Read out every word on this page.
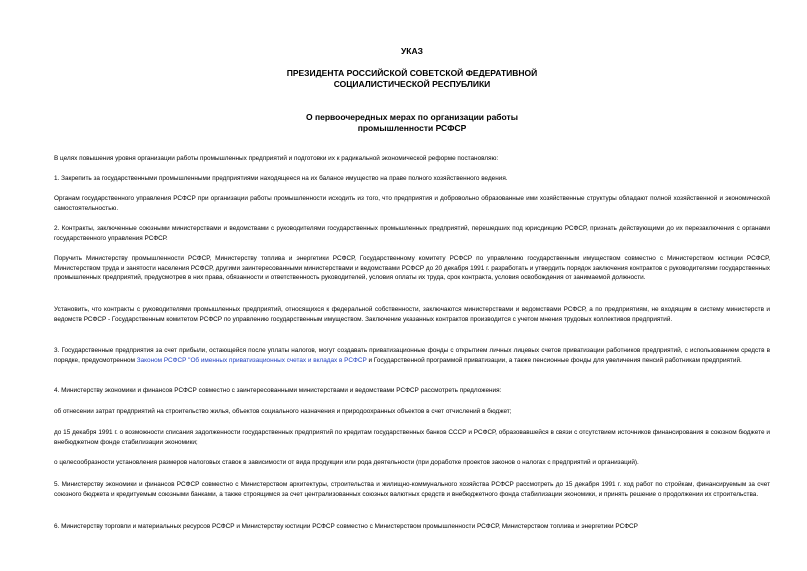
УКАЗ
ПРЕЗИДЕНТА РОССИЙСКОЙ СОВЕТСКОЙ ФЕДЕРАТИВНОЙ
СОЦИАЛИСТИЧЕСКОЙ РЕСПУБЛИКИ
О первоочередных мерах по организации работы
промышленности РСФСР
В целях повышения уровня организации работы промышленных предприятий и подготовки их к радикальной экономической реформе постановляю:
1. Закрепить за государственными промышленными предприятиями находящееся на их балансе имущество на праве полного хозяйственного ведения.
Органам государственного управления РСФСР при организации работы промышленности исходить из того, что предприятия и добровольно образованные ими хозяйственные структуры обладают полной хозяйственной и экономической самостоятельностью.
2. Контракты, заключенные союзными министерствами и ведомствами с руководителями государственных промышленных предприятий, перешедших под юрисдикцию РСФСР, признать действующими до их перезаключения с органами государственного управления РСФСР.
Поручить Министерству промышленности РСФСР, Министерству топлива и энергетики РСФСР, Государственному комитету РСФСР по управлению государственным имуществом совместно с Министерством юстиции РСФСР, Министерством труда и занятости населения РСФСР, другими заинтересованными министерствами и ведомствами РСФСР до 20 декабря 1991 г. разработать и утвердить порядок заключения контрактов с руководителями государственных промышленных предприятий, предусмотрев в них права, обязанности и ответственность руководителей, условия оплаты их труда, срок контракта, условия освобождения от занимаемой должности.
Установить, что контракты с руководителями промышленных предприятий, относящихся к федеральной собственности, заключаются министерствами и ведомствами РСФСР, а по предприятиям, не входящим в систему министерств и ведомств РСФСР - Государственным комитетом РСФСР по управлению государственным имуществом. Заключение указанных контрактов производится с учетом мнения трудовых коллективов предприятий.
3. Государственные предприятия за счет прибыли, остающейся после уплаты налогов, могут создавать приватизационные фонды с открытием личных лицевых счетов приватизации работников предприятий, с использованием средств в порядке, предусмотренном Законом РСФСР "Об именных приватизационных счетах и вкладах в РСФСР и Государственной программой приватизации, а также пенсионные фонды для увеличения пенсий работникам предприятий.
4. Министерству экономики и финансов РСФСР совместно с заинтересованными министерствами и ведомствами РСФСР рассмотреть предложения:
об отнесении затрат предприятий на строительство жилья, объектов социального назначения и природоохранных объектов в счет отчислений в бюджет;
до 15 декабря 1991 г. о возможности списания задолженности государственных предприятий по кредитам государственных банков СССР и РСФСР, образовавшейся в связи с отсутствием источников финансирования в союзном бюджете и внебюджетном фонде стабилизации экономики;
о целесообразности установления размеров налоговых ставок в зависимости от вида продукции или рода деятельности (при доработке проектов законов о налогах с предприятий и организаций).
5. Министерству экономики и финансов РСФСР совместно с Министерством архитектуры, строительства и жилищно-коммунального хозяйства РСФСР рассмотреть до 15 декабря 1991 г. ход работ по стройкам, финансируемым за счет союзного бюджета и кредитуемым союзными банками, а также строящимся за счет централизованных союзных валютных средств и внебюджетного фонда стабилизации экономики, и принять решение о продолжении их строительства.
6. Министерству торговли и материальных ресурсов РСФСР и Министерству юстиции РСФСР совместно с Министерством промышленности РСФСР, Министерством топлива и энергетики РСФСР
